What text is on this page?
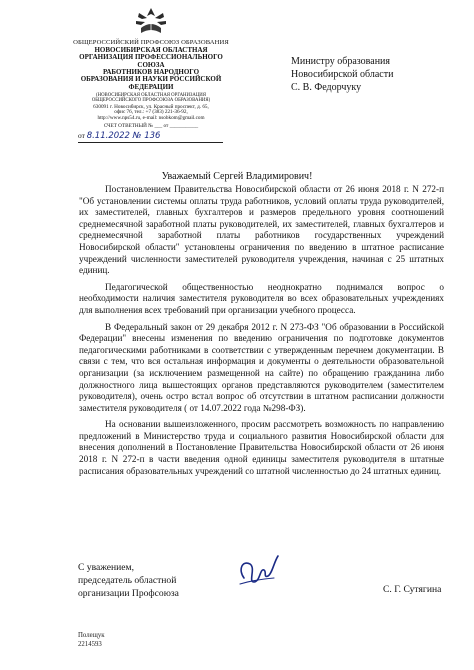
ОБЩЕРОССИЙСКИЙ ПРОФСОЮЗ ОБРАЗОВАНИЯ
НОВОСИБИРСКАЯ ОБЛАСТНАЯ
ОРГАНИЗАЦИЯ ПРОФЕССИОНАЛЬНОГО
СОЮЗА
РАБОТНИКОВ НАРОДНОГО
ОБРАЗОВАНИЯ И НАУКИ РОССИЙСКОЙ
ФЕДЕРАЦИИ
(НОВОСИБИРСКАЯ ОБЛАСТНАЯ ОРГАНИЗАЦИЯ
ОБЩЕРОССИЙСКОГО ПРОФСОЮЗА ОБРАЗОВАНИЯ)
630091 г. Новосибирск, ул. Красный проспект, д. 65,
офис 76, тел.: +7 (383) 221-36-92,
http://www.nps54.ru, e-mail: nsobkom@gmail.com
СЧЕТ ОТВЕТНЫЙ № ___ от ___________
от 8.11.2022 № 136
Министру образования
Новосибирской области
С. В. Федорчуку
Уважаемый Сергей Владимирович!

Постановлением Правительства Новосибирской области от 26 июня 2018 г. N 272-п "Об установлении системы оплаты труда работников, условий оплаты труда руководителей, их заместителей, главных бухгалтеров и размеров предельного уровня соотношений среднемесячной заработной платы руководителей, их заместителей, главных бухгалтеров и среднемесячной заработной платы работников государственных учреждений Новосибирской области" установлены ограничения по введению в штатное расписание учреждений численности заместителей руководителя учреждения, начиная с 25 штатных единиц.

Педагогической общественностью неоднократно поднимался вопрос о необходимости наличия заместителя руководителя во всех образовательных учреждениях для выполнения всех требований при организации учебного процесса.

В Федеральный закон от 29 декабря 2012 г. N 273-ФЗ "Об образовании в Российской Федерации" внесены изменения по введению ограничения по подготовке документов педагогическими работниками в соответствии с утвержденным перечнем документации. В связи с тем, что вся остальная информация и документы о деятельности образовательной организации (за исключением размещенной на сайте) по обращению гражданина либо должностного лица вышестоящих органов представляются руководителем (заместителем руководителя), очень остро встал вопрос об отсутствии в штатном расписании должности заместителя руководителя ( от 14.07.2022 года №298-ФЗ).

На основании вышеизложенного, просим рассмотреть возможность по направлению предложений в Министерство труда и социального развития Новосибирской области для внесения дополнений в Постановление Правительства Новосибирской области от 26 июня 2018 г. N 272-п в части введения одной единицы заместителя руководителя в штатные расписания образовательных учреждений со штатной численностью до 24 штатных единиц.

С уважением,
председатель областной
организации Профсоюза	С. Г. Сутягина
Полещук
2214593
